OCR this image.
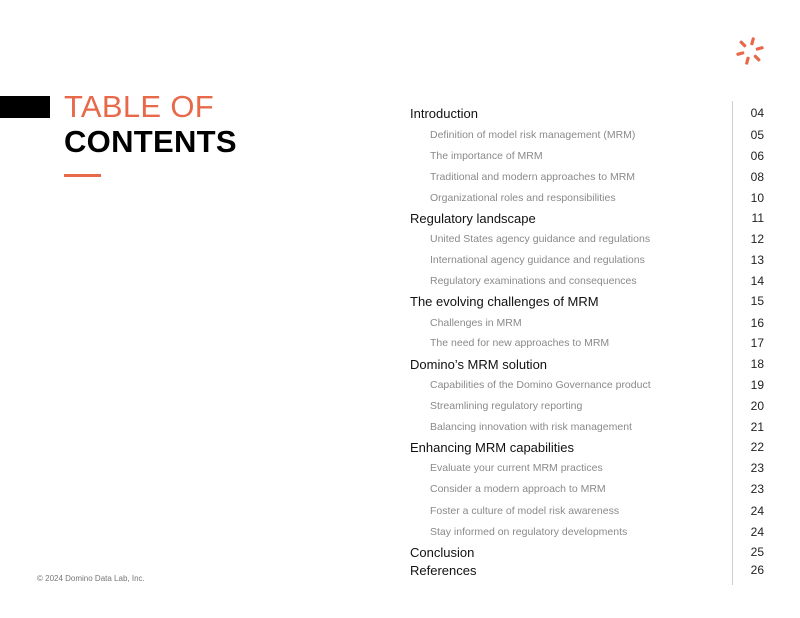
TABLE OF
CONTENTS
Introduction	04
Definition of model risk management (MRM)	05
The importance of MRM	06
Traditional and modern approaches to MRM	08
Organizational roles and responsibilities	10
Regulatory landscape	11
United States agency guidance and regulations	12
International agency guidance and regulations	13
Regulatory examinations and consequences	14
The evolving challenges of MRM	15
Challenges in MRM	16
The need for new approaches to MRM	17
Domino’s MRM solution	18
Capabilities of the Domino Governance product	19
Streamlining regulatory reporting	20
Balancing innovation with risk management	21
Enhancing MRM capabilities	22
Evaluate your current MRM practices	23
Consider a modern approach to MRM	23
Foster a culture of model risk awareness	24
Stay informed on regulatory developments	24
Conclusion	25
References	26
© 2024 Domino Data Lab, Inc.
